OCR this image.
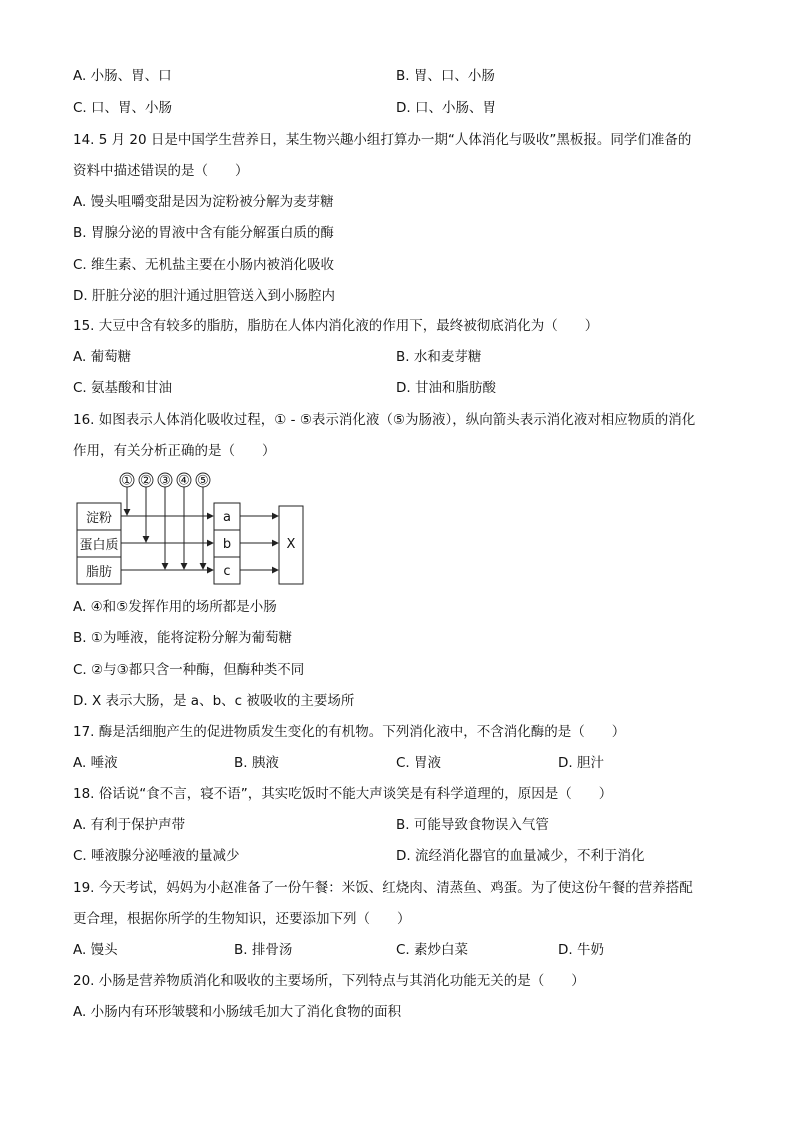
A. 小肠、胃、口	B. 胃、口、小肠
C. 口、胃、小肠	D. 口、小肠、胃
14. 5 月 20 日是中国学生营养日，某生物兴趣小组打算办一期“人体消化与吸收”黑板报。同学们准备的
资料中描述错误的是（　　）
A. 馒头咀嚼变甜是因为淀粉被分解为麦芽糖
B. 胃腺分泌的胃液中含有能分解蛋白质的酶
C. 维生素、无机盐主要在小肠内被消化吸收
D. 肝脏分泌的胆汁通过胆管送入到小肠腔内
15. 大豆中含有较多的脂肪，脂肪在人体内消化液的作用下，最终被彻底消化为（　　）
A. 葡萄糖	B. 水和麦芽糖
C. 氨基酸和甘油	D. 甘油和脂肪酸
16. 如图表示人体消化吸收过程，① - ⑤表示消化液（⑤为肠液），纵向箭头表示消化液对相应物质的消化
作用，有关分析正确的是（　　）
① ② ③ ④ ⑤
淀粉
蛋白质
脂肪
a
b
c
X
A. ④和⑤发挥作用的场所都是小肠
B. ①为唾液，能将淀粉分解为葡萄糖
C. ②与③都只含一种酶，但酶种类不同
D. X 表示大肠，是 a、b、c 被吸收的主要场所
17. 酶是活细胞产生的促进物质发生变化的有机物。下列消化液中，不含消化酶的是（　　）
A. 唾液	B. 胰液	C. 胃液	D. 胆汁
18. 俗话说“食不言，寝不语”，其实吃饭时不能大声谈笑是有科学道理的，原因是（　　）
A. 有利于保护声带	B. 可能导致食物误入气管
C. 唾液腺分泌唾液的量减少	D. 流经消化器官的血量减少，不利于消化
19. 今天考试，妈妈为小赵准备了一份午餐：米饭、红烧肉、清蒸鱼、鸡蛋。为了使这份午餐的营养搭配
更合理，根据你所学的生物知识，还要添加下列（　　）
A. 馒头	B. 排骨汤	C. 素炒白菜	D. 牛奶
20. 小肠是营养物质消化和吸收的主要场所，下列特点与其消化功能无关的是（　　）
A. 小肠内有环形皱襞和小肠绒毛加大了消化食物的面积
